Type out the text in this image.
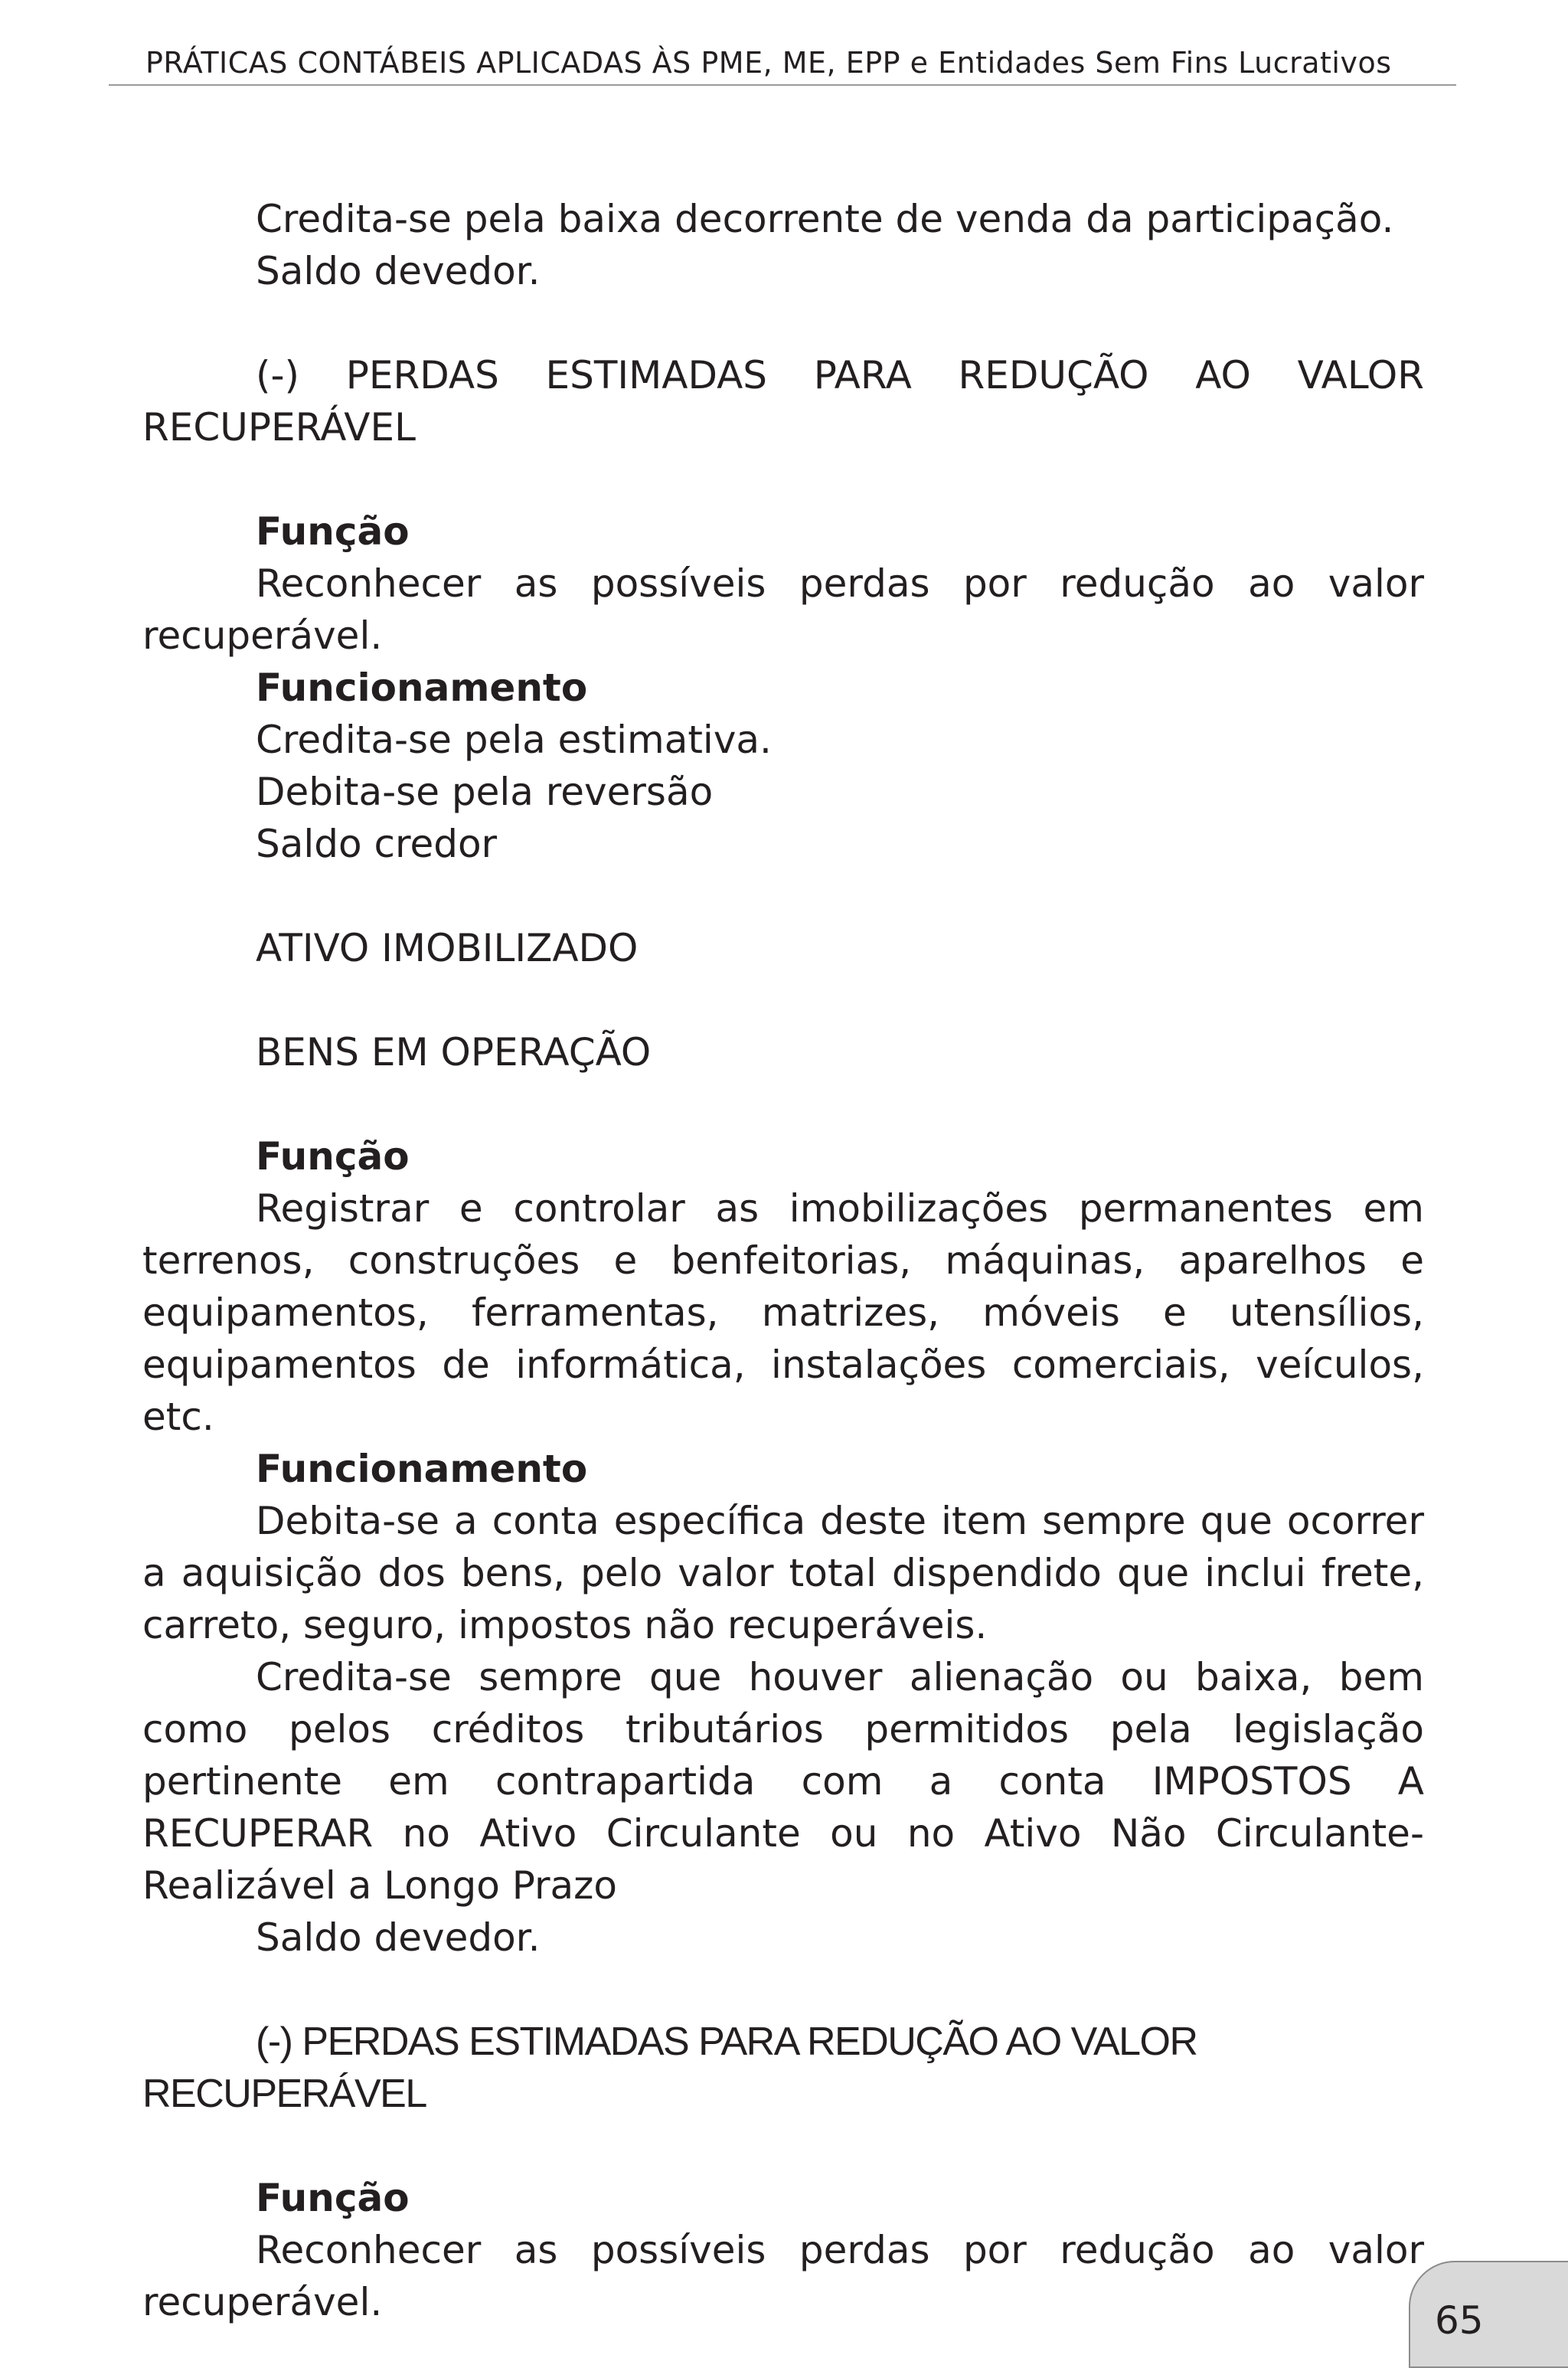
PRÁTICAS CONTÁBEIS APLICADAS ÀS PME, ME, EPP e Entidades Sem Fins Lucrativos

Credita-se pela baixa decorrente de venda da participação.

Saldo devedor.

(-) PERDAS ESTIMADAS PARA REDUÇÃO AO VALOR RECUPERÁVEL

Função

Reconhecer as possíveis perdas por redução ao valor recuperável.

Funcionamento

Credita-se pela estimativa.

Debita-se pela reversão

Saldo credor

ATIVO IMOBILIZADO

BENS EM OPERAÇÃO

Função

Registrar e controlar as imobilizações permanentes em terrenos, construções e benfeitorias, máquinas, aparelhos e equipamentos, ferramentas, matrizes, móveis e utensílios, equipamentos de informática, instalações comerciais, veículos, etc.

Funcionamento

Debita-se a conta específica deste item sempre que ocorrer a aquisição dos bens, pelo valor total dispendido que inclui frete, carreto, seguro, impostos não recuperáveis.

Credita-se sempre que houver alienação ou baixa, bem como pelos créditos tributários permitidos pela legislação pertinente em contrapartida com a conta IMPOSTOS A RECUPERAR no Ativo Circulante ou no Ativo Não Circulante-Realizável a Longo Prazo

Saldo devedor.

(-) PERDAS ESTIMADAS PARA REDUÇÃO AO VALOR RECUPERÁVEL

Função

Reconhecer as possíveis perdas por redução ao valor recuperável.	65
